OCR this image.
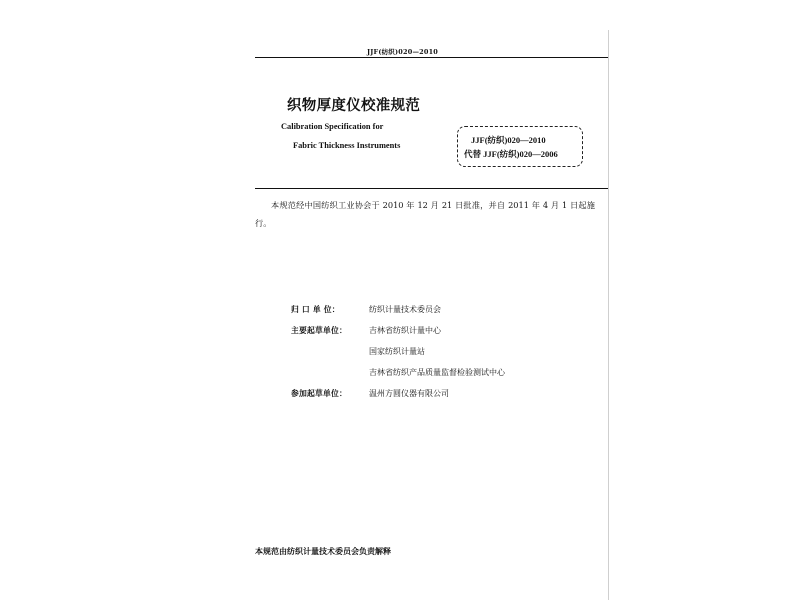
JJF(纺织)020—2010

织物厚度仪校准规范

Calibration Specification for

Fabric Thickness Instruments

JJF(纺织)020—2010

代替 JJF(纺织)020—2006

本规范经中国纺织工业协会于 2010 年 12 月 21 日批准，并自 2011 年 4 月 1 日起施行。

归 口 单 位：	纺织计量技术委员会
主要起草单位：	吉林省纺织计量中心
国家纺织计量站
吉林省纺织产品质量监督检验测试中心
参加起草单位：	温州方圆仪器有限公司

本规范由纺织计量技术委员会负责解释
